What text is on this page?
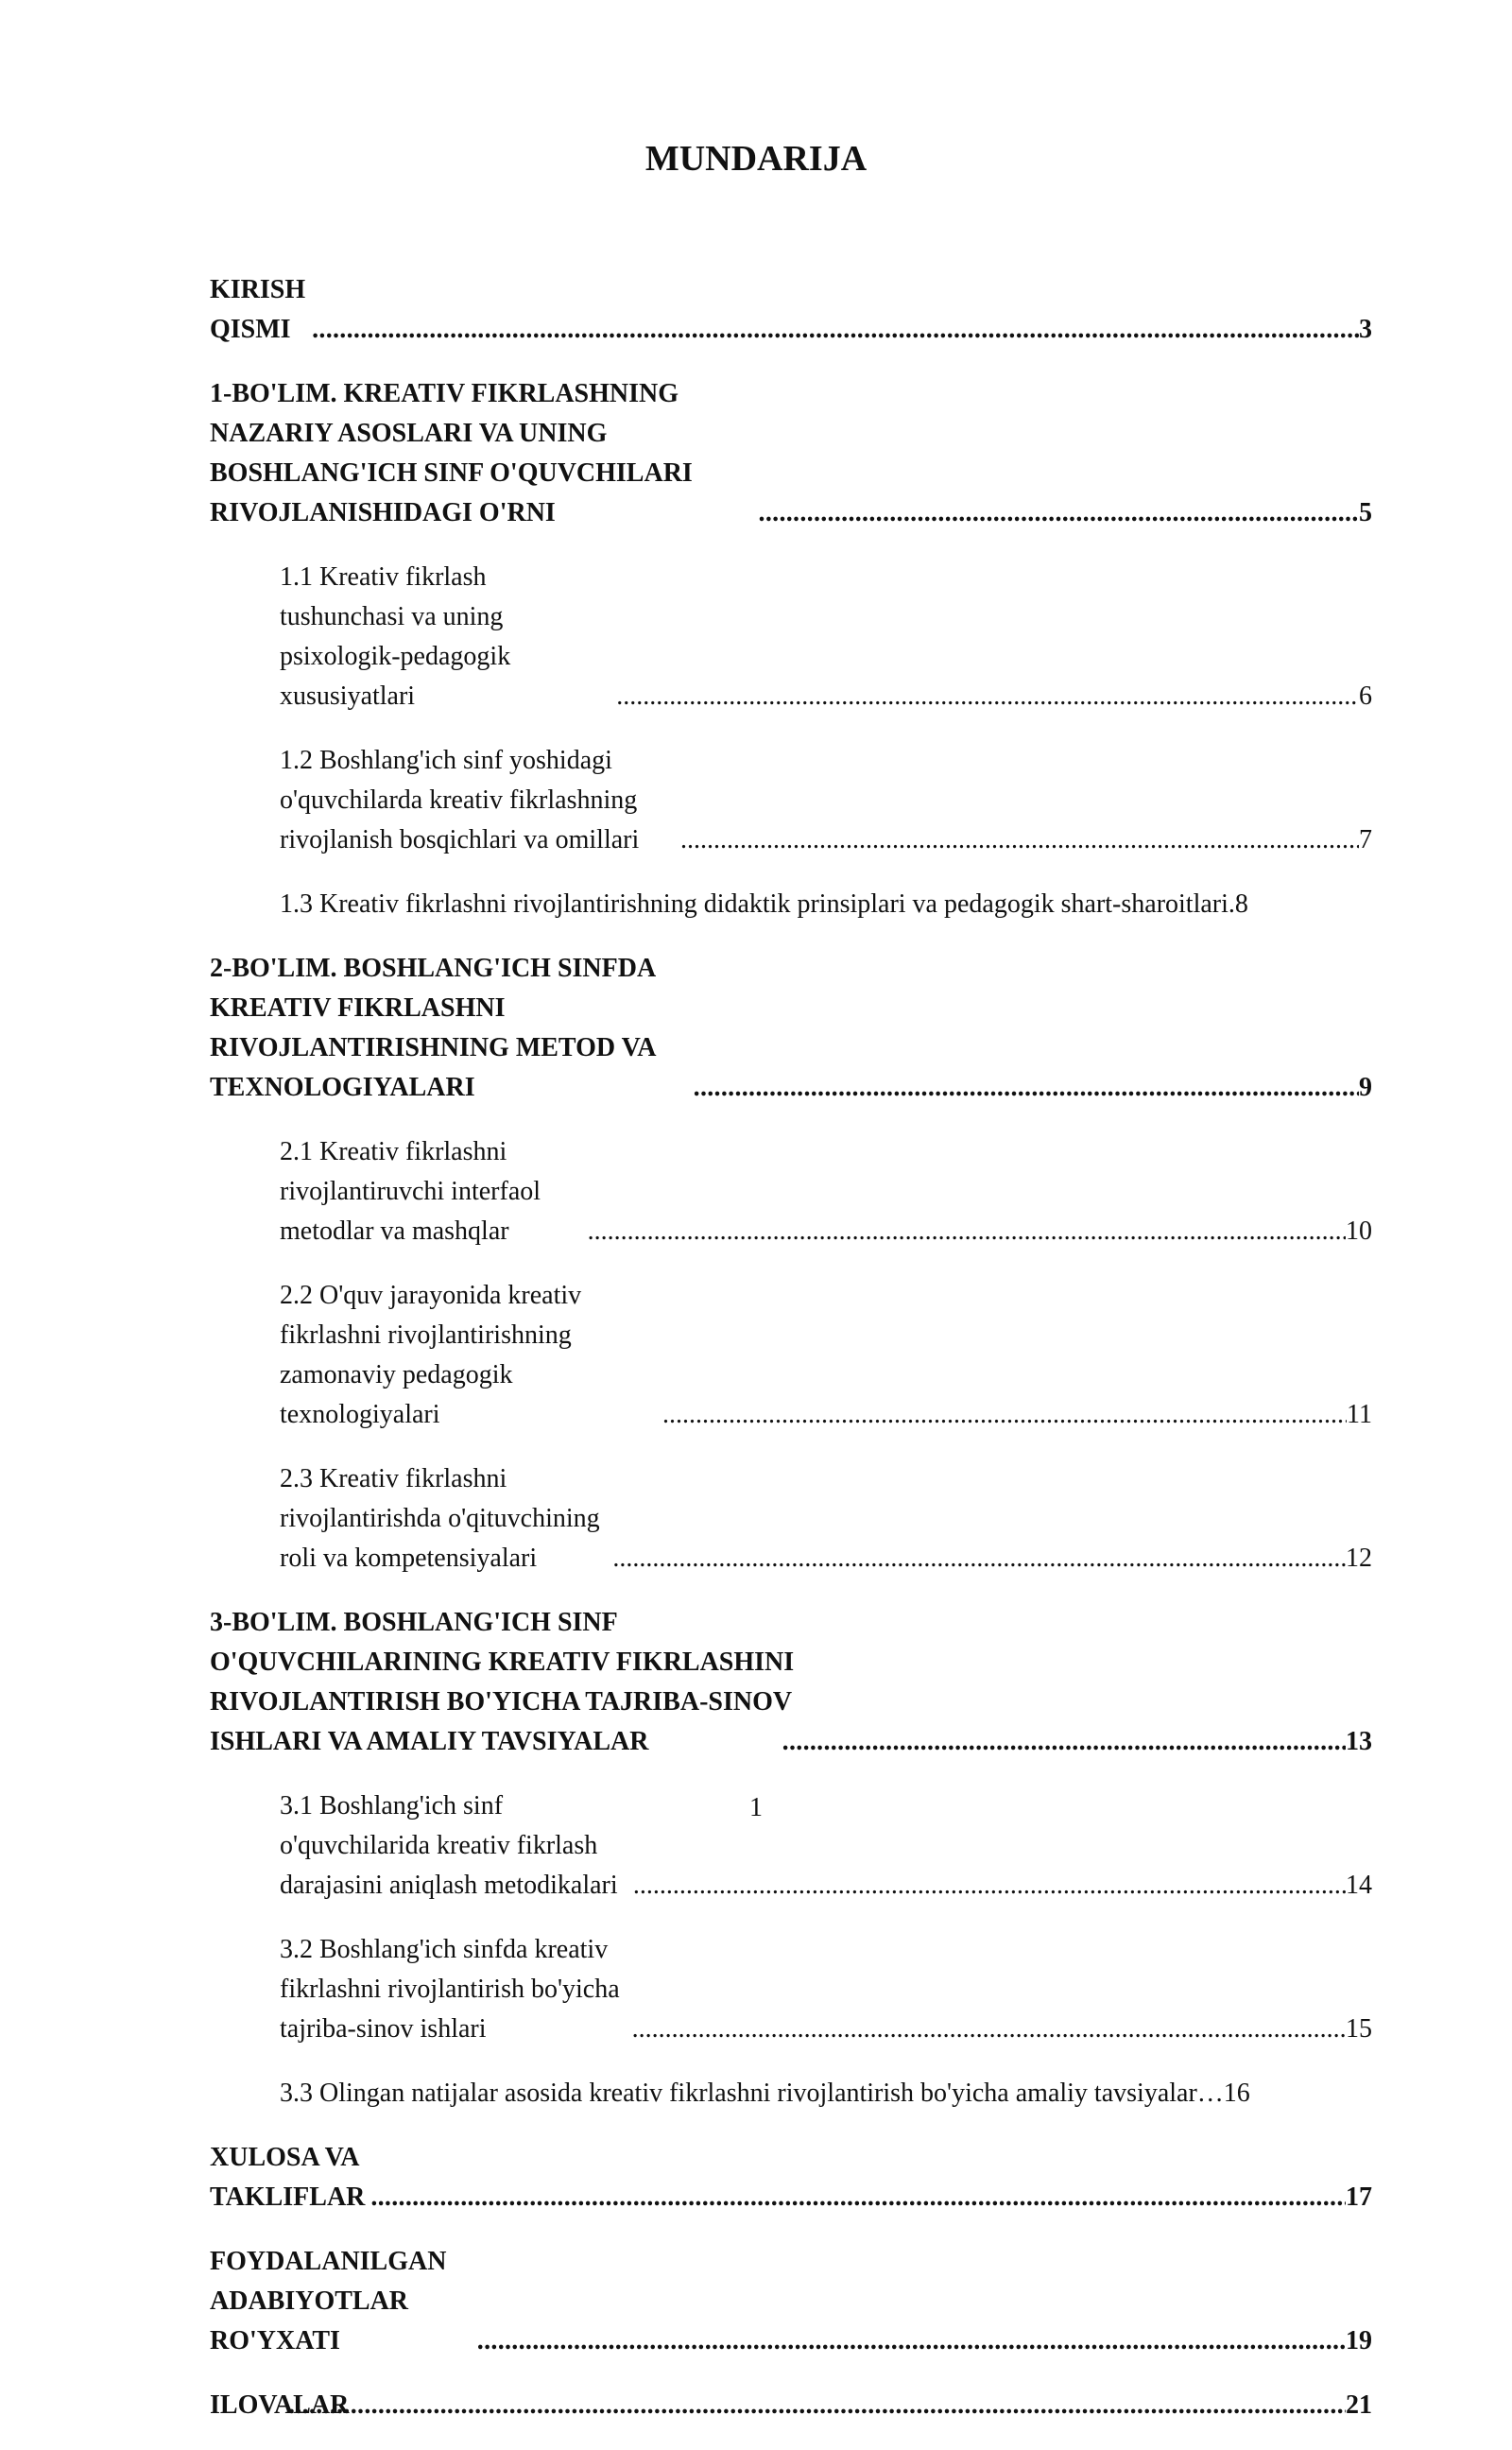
MUNDARIJA
KIRISH QISMI .....	3
1-BO'LIM. KREATIV FIKRLASHNING NAZARIY ASOSLARI VA UNING BOSHLANG'ICH SINF O'QUVCHILARI RIVOJLANISHIDAGI O'RNI .....	5
1.1 Kreativ fikrlash tushunchasi va uning psixologik-pedagogik xususiyatlari .....	6
1.2 Boshlang'ich sinf yoshidagi o'quvchilarda kreativ fikrlashning rivojlanish bosqichlari va omillari .....	7
1.3 Kreativ fikrlashni rivojlantirishning didaktik prinsiplari va pedagogik shart-sharoitlari. 8
2-BO'LIM. BOSHLANG'ICH SINFDA KREATIV FIKRLASHNI RIVOJLANTIRISHNING METOD VA TEXNOLOGIYALARI .....	9
2.1 Kreativ fikrlashni rivojlantiruvchi interfaol metodlar va mashqlar .....	10
2.2 O'quv jarayonida kreativ fikrlashni rivojlantirishning zamonaviy pedagogik texnologiyalari .....	11
2.3 Kreativ fikrlashni rivojlantirishda o'qituvchining roli va kompetensiyalari .....	12
3-BO'LIM. BOSHLANG'ICH SINF O'QUVCHILARINING KREATIV FIKRLASHINI RIVOJLANTIRISH BO'YICHA TAJRIBA-SINOV ISHLARI VA AMALIY TAVSIYALAR .....	13
3.1 Boshlang'ich sinf o'quvchilarida kreativ fikrlash darajasini aniqlash metodikalari .....	14
3.2 Boshlang'ich sinfda kreativ fikrlashni rivojlantirish bo'yicha tajriba-sinov ishlari .....	15
3.3 Olingan natijalar asosida kreativ fikrlashni rivojlantirish bo'yicha amaliy tavsiyalar… 16
XULOSA VA TAKLIFLAR .....	17
FOYDALANILGAN ADABIYOTLAR RO'YXATI .....	19
ILOVALAR .....	21
1
